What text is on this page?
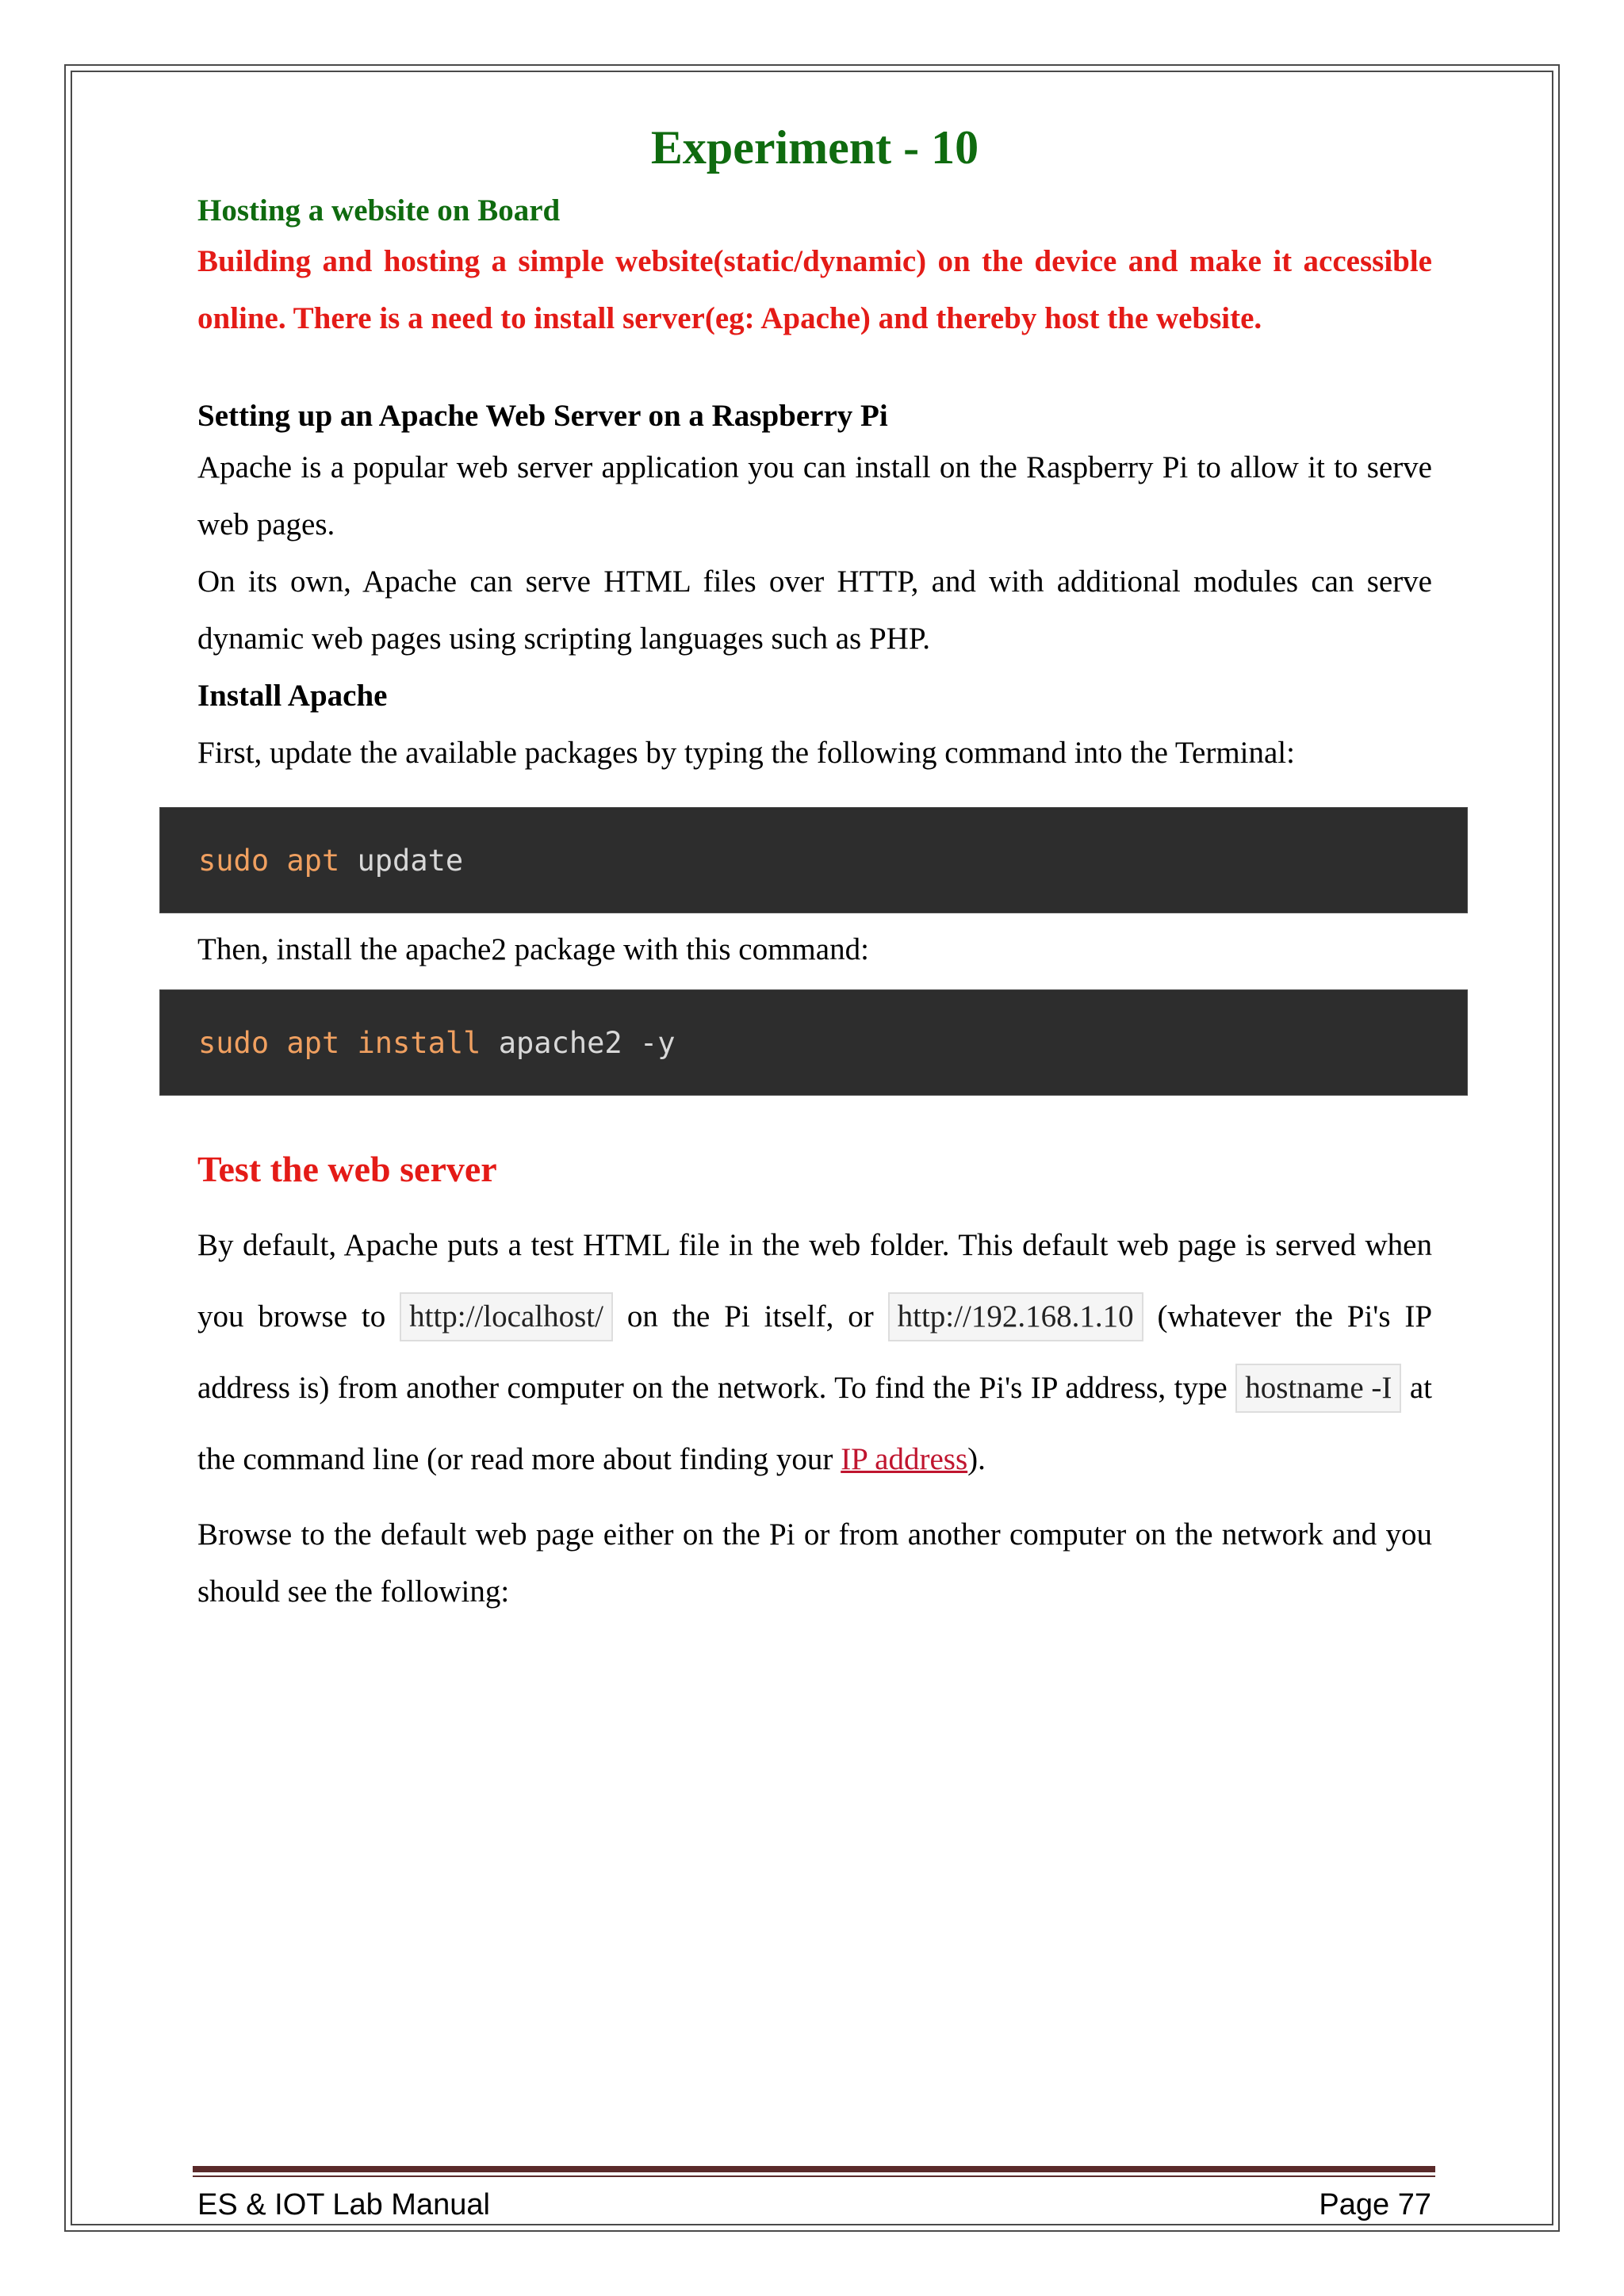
Experiment - 10
Hosting a website on Board

Building and hosting a simple website(static/dynamic) on the device and make it accessible online. There is a need to install server(eg: Apache) and thereby host the website.

Setting up an Apache Web Server on a Raspberry Pi

Apache is a popular web server application you can install on the Raspberry Pi to allow it to serve web pages.

On its own, Apache can serve HTML files over HTTP, and with additional modules can serve dynamic web pages using scripting languages such as PHP.

Install Apache

First, update the available packages by typing the following command into the Terminal:

sudo
apt
update

Then, install the apache2 package with this command:

sudo
apt
install
apache2 -y
Test the web server

By default, Apache puts a test HTML file in the web folder. This default web page is served when you browse to http://localhost/ on the Pi itself, or http://192.168.1.10 (whatever the Pi's IP address is) from another computer on the network. To find the Pi's IP address, type hostname -I at the command line (or read more about finding your IP address).

Browse to the default web page either on the Pi or from another computer on the network and you should see the following:

ES & IOT Lab Manual	Page 77
